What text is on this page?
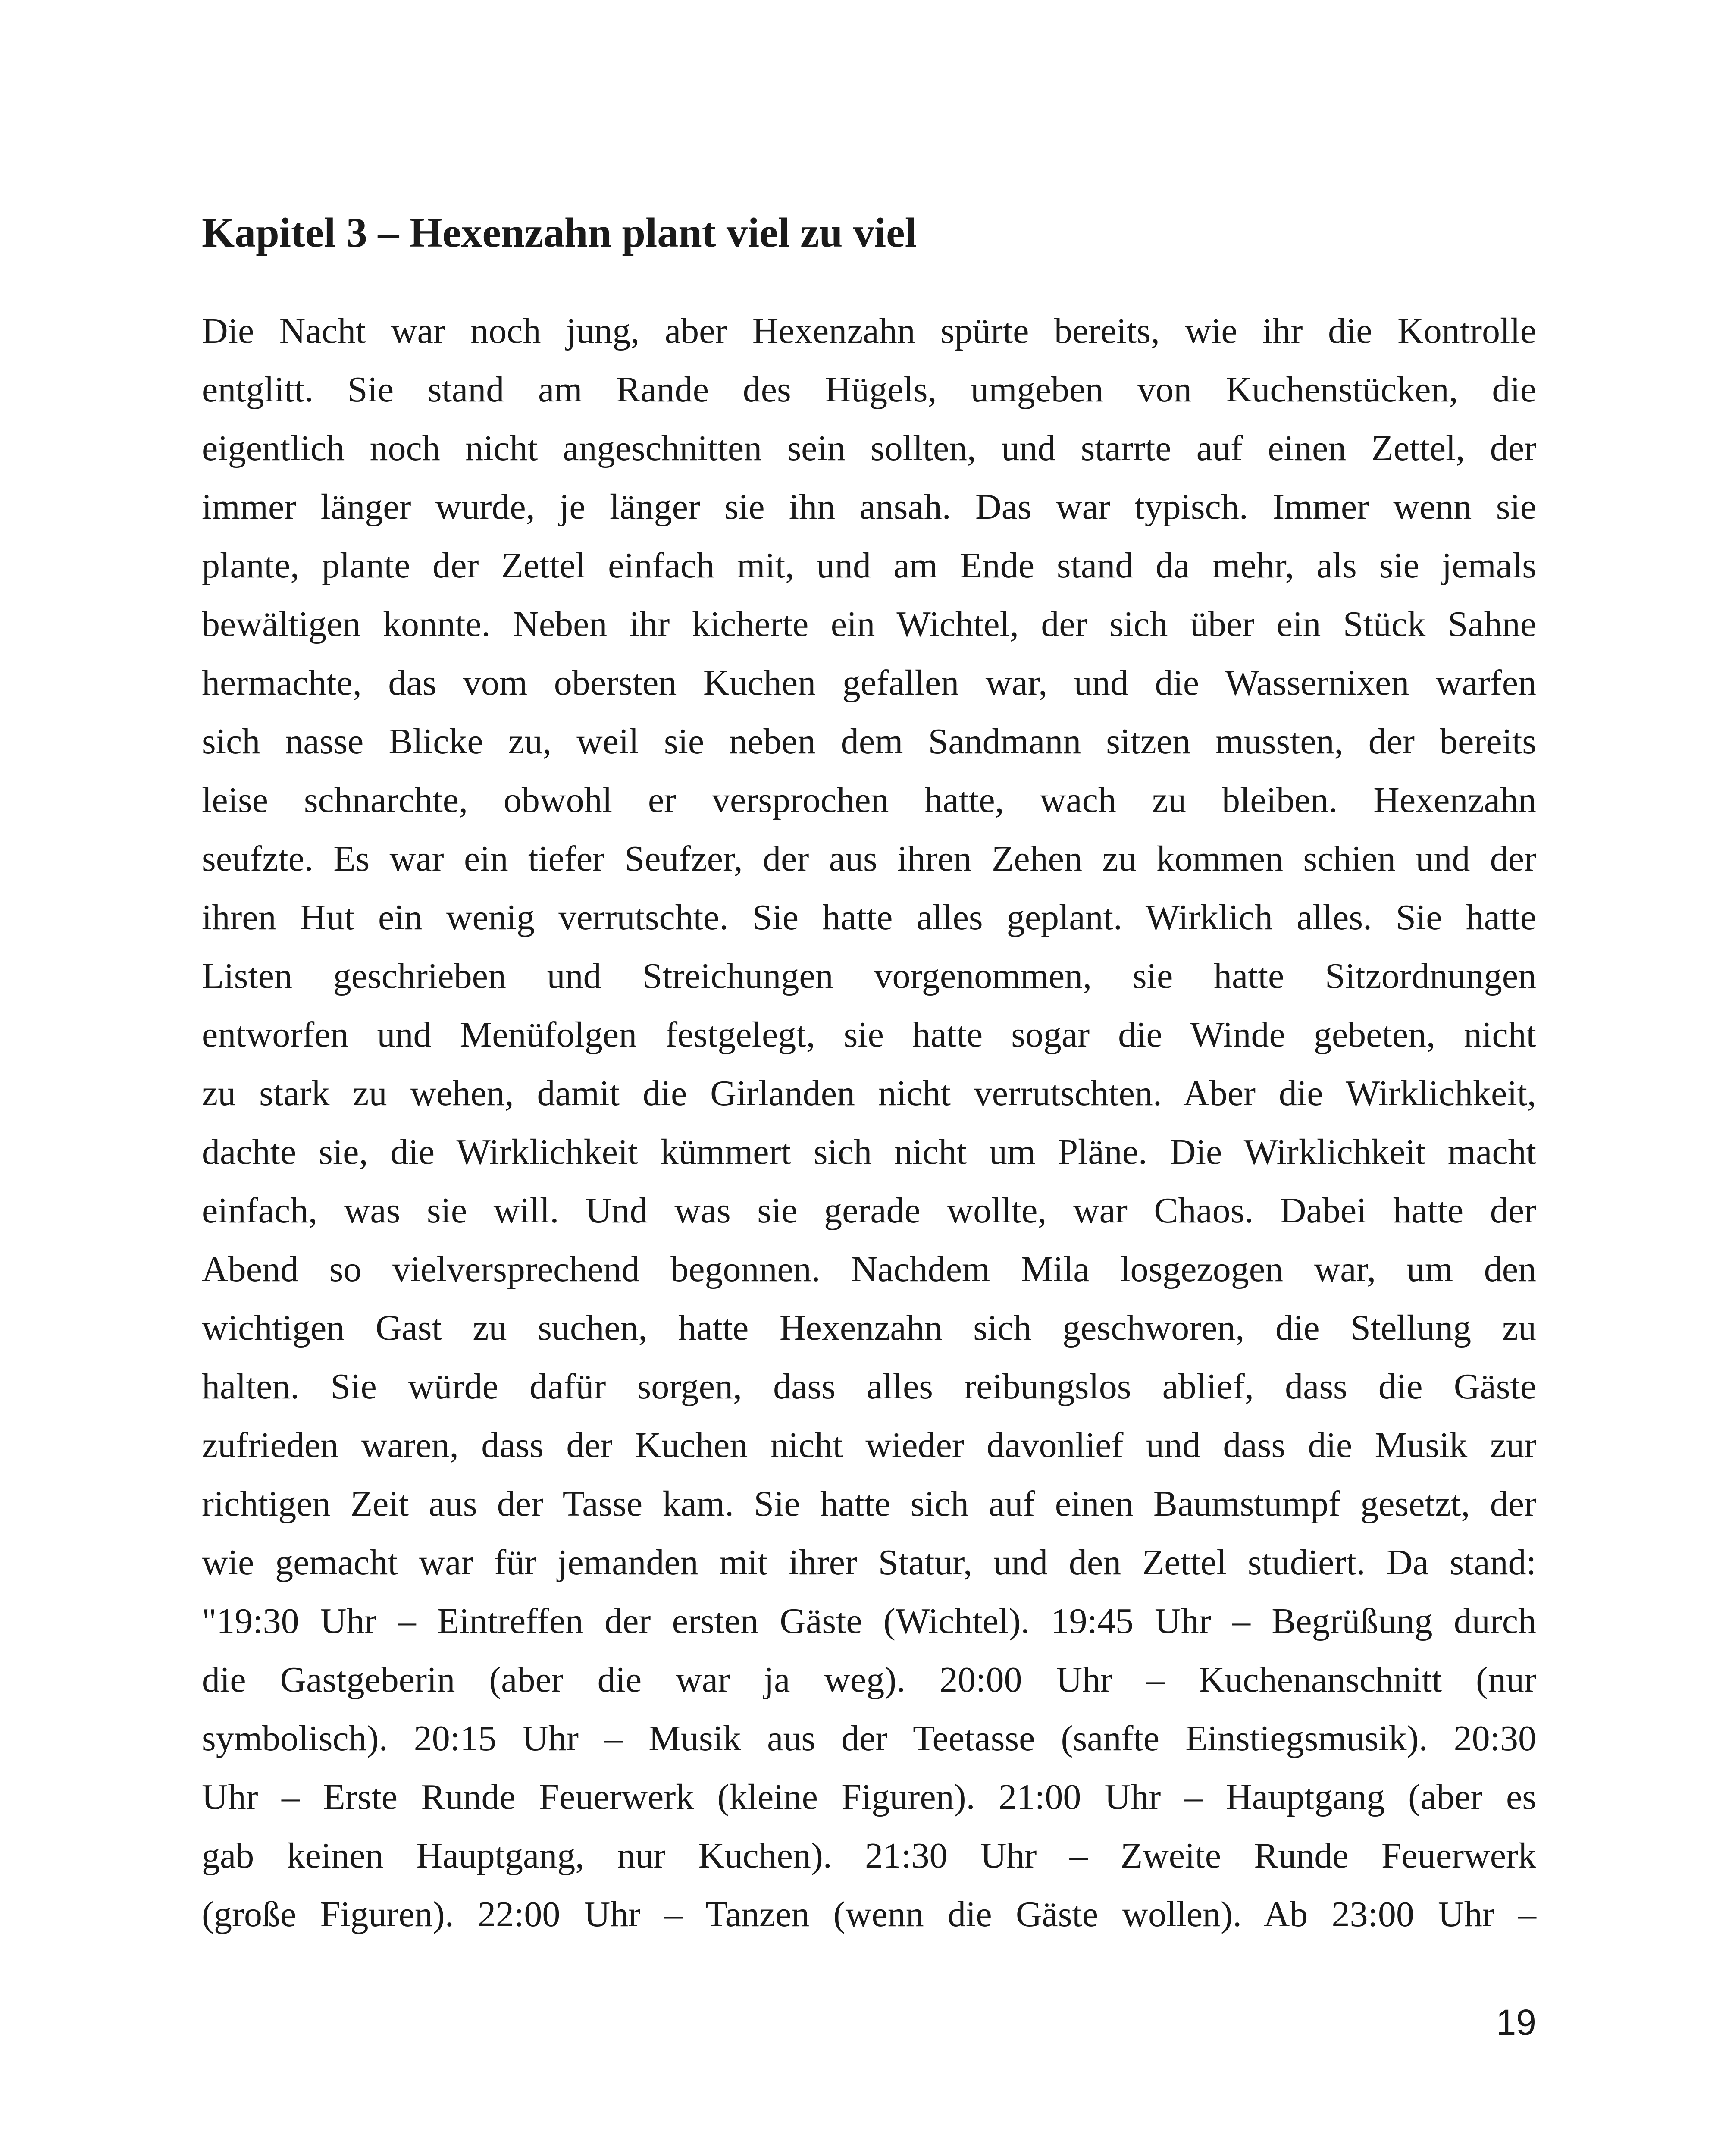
Kapitel 3 – Hexenzahn plant viel zu viel
Die Nacht war noch jung, aber Hexenzahn spürte bereits, wie ihr die Kontrolle
entglitt. Sie stand am Rande des Hügels, umgeben von Kuchenstücken, die
eigentlich noch nicht angeschnitten sein sollten, und starrte auf einen Zettel, der
immer länger wurde, je länger sie ihn ansah. Das war typisch. Immer wenn sie
plante, plante der Zettel einfach mit, und am Ende stand da mehr, als sie jemals
bewältigen konnte. Neben ihr kicherte ein Wichtel, der sich über ein Stück Sahne
hermachte, das vom obersten Kuchen gefallen war, und die Wassernixen warfen
sich nasse Blicke zu, weil sie neben dem Sandmann sitzen mussten, der bereits
leise schnarchte, obwohl er versprochen hatte, wach zu bleiben. Hexenzahn
seufzte. Es war ein tiefer Seufzer, der aus ihren Zehen zu kommen schien und der
ihren Hut ein wenig verrutschte. Sie hatte alles geplant. Wirklich alles. Sie hatte
Listen geschrieben und Streichungen vorgenommen, sie hatte Sitzordnungen
entworfen und Menüfolgen festgelegt, sie hatte sogar die Winde gebeten, nicht
zu stark zu wehen, damit die Girlanden nicht verrutschten. Aber die Wirklichkeit,
dachte sie, die Wirklichkeit kümmert sich nicht um Pläne. Die Wirklichkeit macht
einfach, was sie will. Und was sie gerade wollte, war Chaos. Dabei hatte der
Abend so vielversprechend begonnen. Nachdem Mila losgezogen war, um den
wichtigen Gast zu suchen, hatte Hexenzahn sich geschworen, die Stellung zu
halten. Sie würde dafür sorgen, dass alles reibungslos ablief, dass die Gäste
zufrieden waren, dass der Kuchen nicht wieder davonlief und dass die Musik zur
richtigen Zeit aus der Tasse kam. Sie hatte sich auf einen Baumstumpf gesetzt, der
wie gemacht war für jemanden mit ihrer Statur, und den Zettel studiert. Da stand:
"19:30 Uhr – Eintreffen der ersten Gäste (Wichtel). 19:45 Uhr – Begrüßung durch
die Gastgeberin (aber die war ja weg). 20:00 Uhr – Kuchenanschnitt (nur
symbolisch). 20:15 Uhr – Musik aus der Teetasse (sanfte Einstiegsmusik). 20:30
Uhr – Erste Runde Feuerwerk (kleine Figuren). 21:00 Uhr – Hauptgang (aber es
gab keinen Hauptgang, nur Kuchen). 21:30 Uhr – Zweite Runde Feuerwerk
(große Figuren). 22:00 Uhr – Tanzen (wenn die Gäste wollen). Ab 23:00 Uhr –
19
